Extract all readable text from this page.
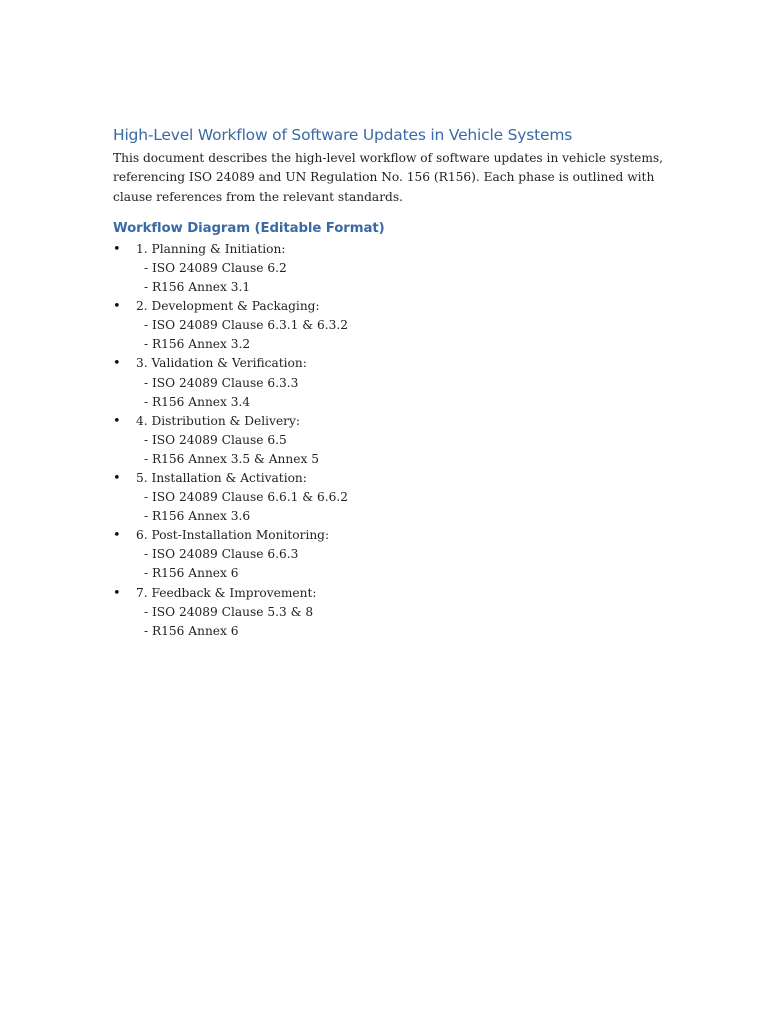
High-Level Workflow of Software Updates in Vehicle Systems

This document describes the high-level workflow of software updates in vehicle systems,
referencing ISO 24089 and UN Regulation No. 156 (R156). Each phase is outlined with
clause references from the relevant standards.

Workflow Diagram (Editable Format)
• 1. Planning & Initiation:
- ISO 24089 Clause 6.2
- R156 Annex 3.1
• 2. Development & Packaging:
- ISO 24089 Clause 6.3.1 & 6.3.2
- R156 Annex 3.2
• 3. Validation & Verification:
- ISO 24089 Clause 6.3.3
- R156 Annex 3.4
• 4. Distribution & Delivery:
- ISO 24089 Clause 6.5
- R156 Annex 3.5 & Annex 5
• 5. Installation & Activation:
- ISO 24089 Clause 6.6.1 & 6.6.2
- R156 Annex 3.6
• 6. Post-Installation Monitoring:
- ISO 24089 Clause 6.6.3
- R156 Annex 6
• 7. Feedback & Improvement:
- ISO 24089 Clause 5.3 & 8
- R156 Annex 6
